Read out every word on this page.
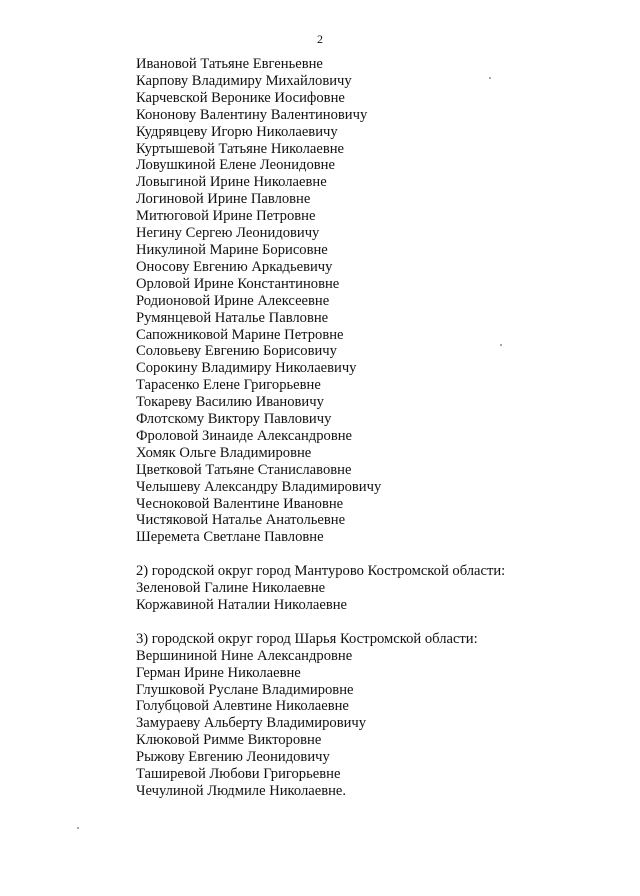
2
Ивановой Татьяне Евгеньевне
Карпову Владимиру Михайловичу
Карчевской Веронике Иосифовне
Кононову Валентину Валентиновичу
Кудрявцеву Игорю Николаевичу
Куртышевой Татьяне Николаевне
Ловушкиной Елене Леонидовне
Ловыгиной Ирине Николаевне
Логиновой Ирине Павловне
Митюговой Ирине Петровне
Негину Сергею Леонидовичу
Никулиной Марине Борисовне
Оносову Евгению Аркадьевичу
Орловой Ирине Константиновне
Родионовой Ирине Алексеевне
Румянцевой Наталье Павловне
Сапожниковой Марине Петровне
Соловьеву Евгению Борисовичу
Сорокину Владимиру Николаевичу
Тарасенко Елене Григорьевне
Токареву Василию Ивановичу
Флотскому Виктору Павловичу
Фроловой Зинаиде Александровне
Хомяк Ольге Владимировне
Цветковой Татьяне Станиславовне
Челышеву Александру Владимировичу
Чесноковой Валентине Ивановне
Чистяковой Наталье Анатольевне
Шеремета Светлане Павловне
2) городской округ город Мантурово Костромской области:
Зеленовой Галине Николаевне
Коржавиной Наталии Николаевне
3) городской округ город Шарья Костромской области:
Вершининой Нине Александровне
Герман Ирине Николаевне
Глушковой Руслане Владимировне
Голубцовой Алевтине Николаевне
Замураеву Альберту Владимировичу
Клюковой Римме Викторовне
Рыжову Евгению Леонидовичу
Таширевой Любови Григорьевне
Чечулиной Людмиле Николаевне.
